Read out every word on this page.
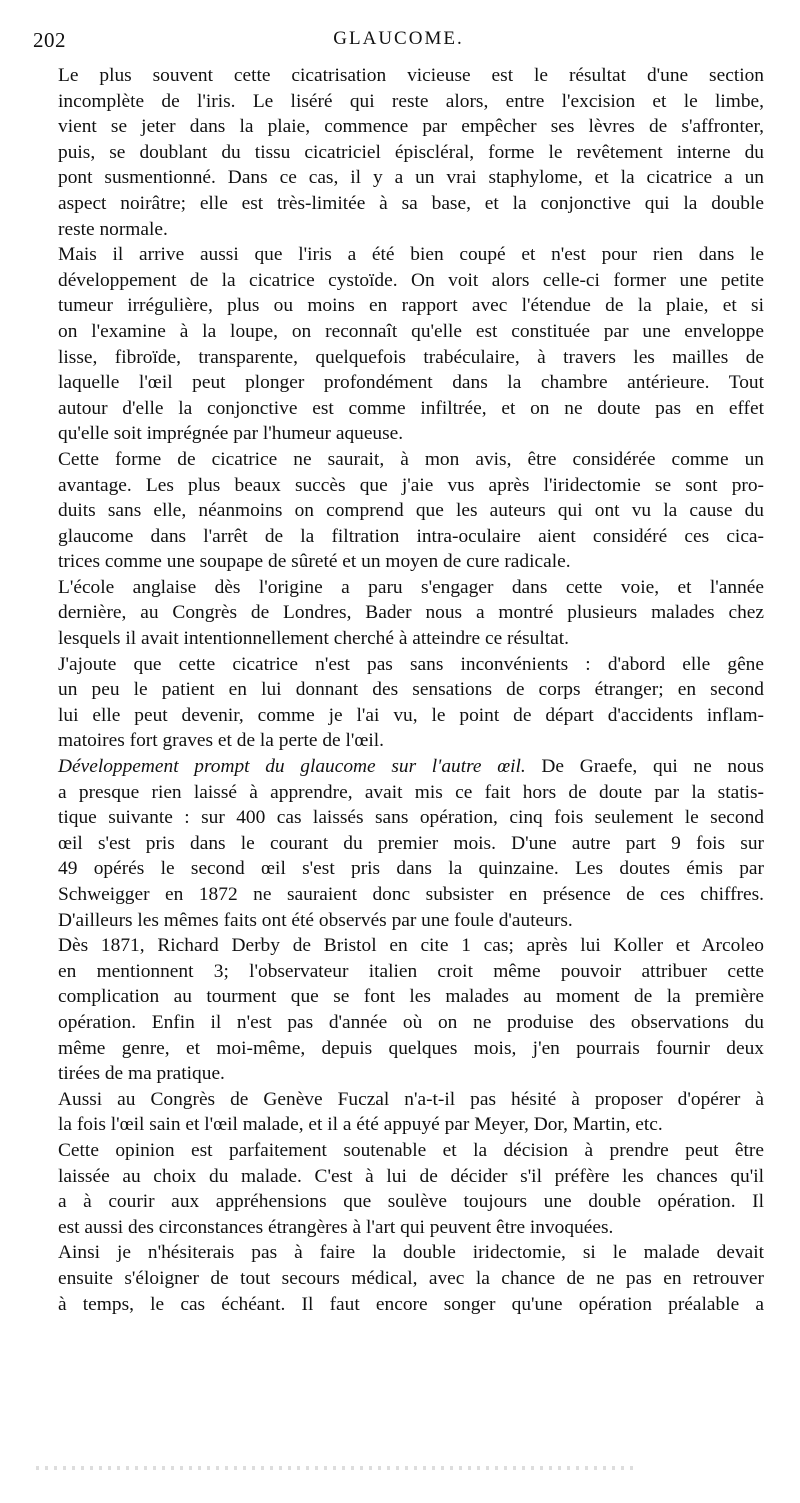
202	GLAUCOME.

Le plus souvent cette cicatrisation vicieuse est le résultat d'une section
incomplète de l'iris. Le liséré qui reste alors, entre l'excision et le limbe,
vient se jeter dans la plaie, commence par empêcher ses lèvres de s'affronter,
puis, se doublant du tissu cicatriciel épiscléral, forme le revêtement interne du
pont susmentionné. Dans ce cas, il y a un vrai staphylome, et la cicatrice a un
aspect noirâtre; elle est très-limitée à sa base, et la conjonctive qui la double
reste normale.

Mais il arrive aussi que l'iris a été bien coupé et n'est pour rien dans le
développement de la cicatrice cystoïde. On voit alors celle-ci former une petite
tumeur irrégulière, plus ou moins en rapport avec l'étendue de la plaie, et si
on l'examine à la loupe, on reconnaît qu'elle est constituée par une enveloppe
lisse, fibroïde, transparente, quelquefois trabéculaire, à travers les mailles de
laquelle l'œil peut plonger profondément dans la chambre antérieure. Tout
autour d'elle la conjonctive est comme infiltrée, et on ne doute pas en effet
qu'elle soit imprégnée par l'humeur aqueuse.

Cette forme de cicatrice ne saurait, à mon avis, être considérée comme un
avantage. Les plus beaux succès que j'aie vus après l'iridectomie se sont pro-
duits sans elle, néanmoins on comprend que les auteurs qui ont vu la cause du
glaucome dans l'arrêt de la filtration intra-oculaire aient considéré ces cica-
trices comme une soupape de sûreté et un moyen de cure radicale.

L'école anglaise dès l'origine a paru s'engager dans cette voie, et l'année
dernière, au Congrès de Londres, Bader nous a montré plusieurs malades chez
lesquels il avait intentionnellement cherché à atteindre ce résultat.

J'ajoute que cette cicatrice n'est pas sans inconvénients : d'abord elle gêne
un peu le patient en lui donnant des sensations de corps étranger; en second
lui elle peut devenir, comme je l'ai vu, le point de départ d'accidents inflam-
matoires fort graves et de la perte de l'œil.

Développement prompt du glaucome sur l'autre œil. De Graefe, qui ne nous
a presque rien laissé à apprendre, avait mis ce fait hors de doute par la statis-
tique suivante : sur 400 cas laissés sans opération, cinq fois seulement le second
œil s'est pris dans le courant du premier mois. D'une autre part 9 fois sur
49 opérés le second œil s'est pris dans la quinzaine. Les doutes émis par
Schweigger en 1872 ne sauraient donc subsister en présence de ces chiffres.
D'ailleurs les mêmes faits ont été observés par une foule d'auteurs.

Dès 1871, Richard Derby de Bristol en cite 1 cas; après lui Koller et Arcoleo
en mentionnent 3; l'observateur italien croit même pouvoir attribuer cette
complication au tourment que se font les malades au moment de la première
opération. Enfin il n'est pas d'année où on ne produise des observations du
même genre, et moi-même, depuis quelques mois, j'en pourrais fournir deux
tirées de ma pratique.

Aussi au Congrès de Genève Fuczal n'a-t-il pas hésité à proposer d'opérer à
la fois l'œil sain et l'œil malade, et il a été appuyé par Meyer, Dor, Martin, etc.

Cette opinion est parfaitement soutenable et la décision à prendre peut être
laissée au choix du malade. C'est à lui de décider s'il préfère les chances qu'il
a à courir aux appréhensions que soulève toujours une double opération. Il
est aussi des circonstances étrangères à l'art qui peuvent être invoquées.

Ainsi je n'hésiterais pas à faire la double iridectomie, si le malade devait
ensuite s'éloigner de tout secours médical, avec la chance de ne pas en retrouver
à temps, le cas échéant. Il faut encore songer qu'une opération préalable a
